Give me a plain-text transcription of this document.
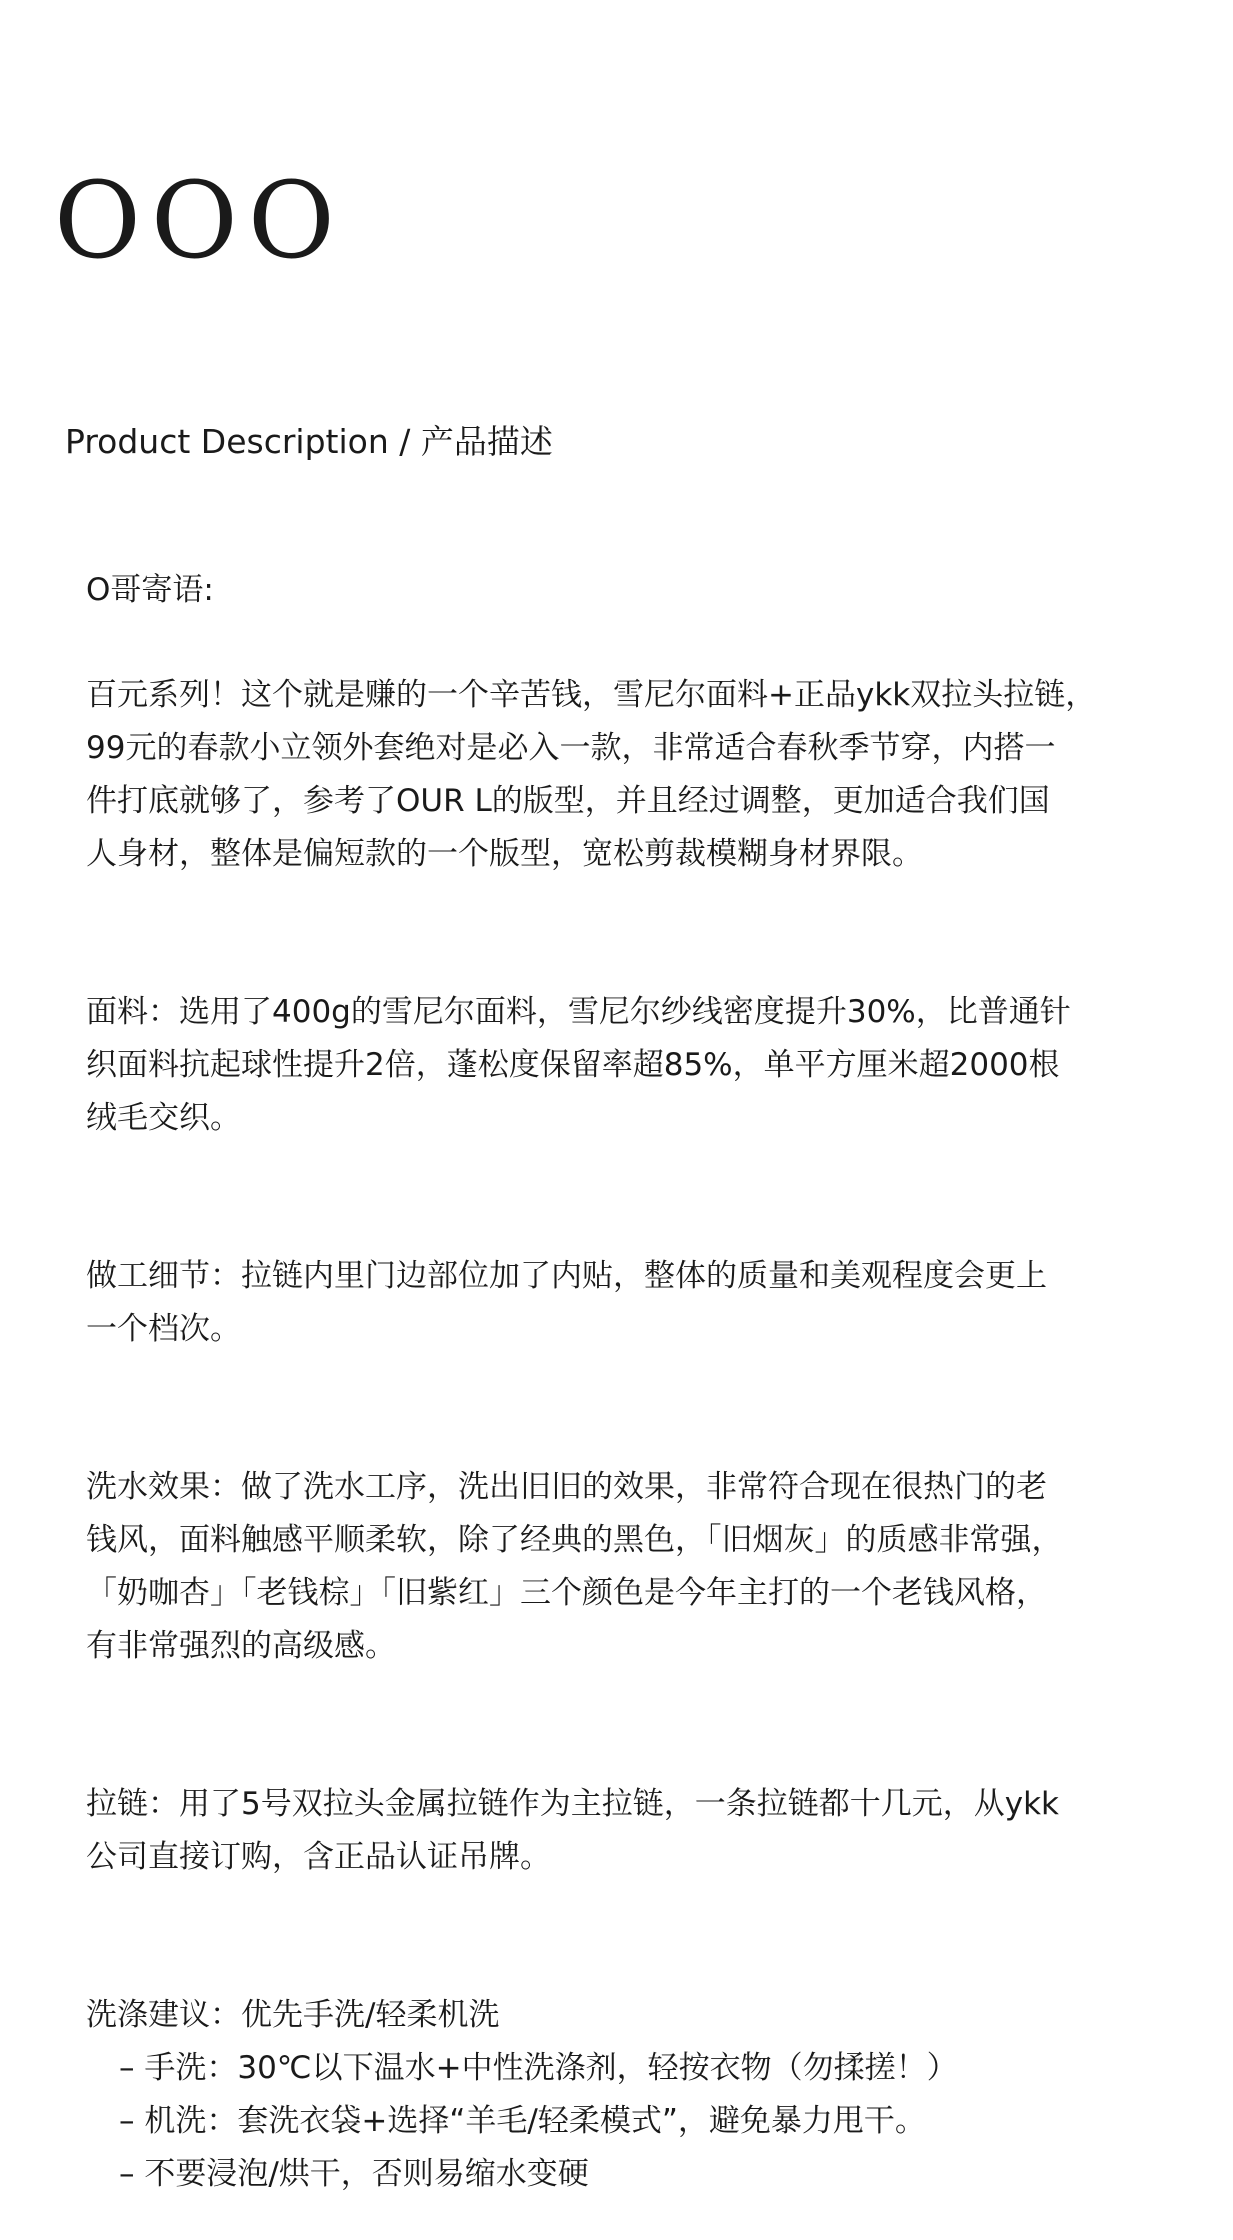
O O O
Product Description / 产品描述

O哥寄语:

百元系列！这个就是赚的一个辛苦钱，雪尼尔面料+正品ykk双拉头拉链，
99元的春款小立领外套绝对是必入一款，非常适合春秋季节穿，内搭一
件打底就够了，参考了OUR L的版型，并且经过调整，更加适合我们国
人身材，整体是偏短款的一个版型，宽松剪裁模糊身材界限。

面料：选用了400g的雪尼尔面料，雪尼尔纱线密度提升30%，比普通针
织面料抗起球性提升2倍，蓬松度保留率超85%，单平方厘米超2000根
绒毛交织。

做工细节：拉链内里门边部位加了内贴，整体的质量和美观程度会更上
一个档次。

洗水效果：做了洗水工序，洗出旧旧的效果，非常符合现在很热门的老
钱风，面料触感平顺柔软，除了经典的黑色，「旧烟灰」的质感非常强，
「奶咖杏」「老钱棕」「旧紫红」三个颜色是今年主打的一个老钱风格，
有非常强烈的高级感。

拉链：用了5号双拉头金属拉链作为主拉链，一条拉链都十几元，从ykk
公司直接订购，含正品认证吊牌。

洗涤建议：优先手洗/轻柔机洗

– 手洗：30℃以下温水+中性洗涤剂，轻按衣物（勿揉搓！）
– 机洗：套洗衣袋+选择“羊毛/轻柔模式”，避免暴力甩干。
– 不要浸泡/烘干，否则易缩水变硬
